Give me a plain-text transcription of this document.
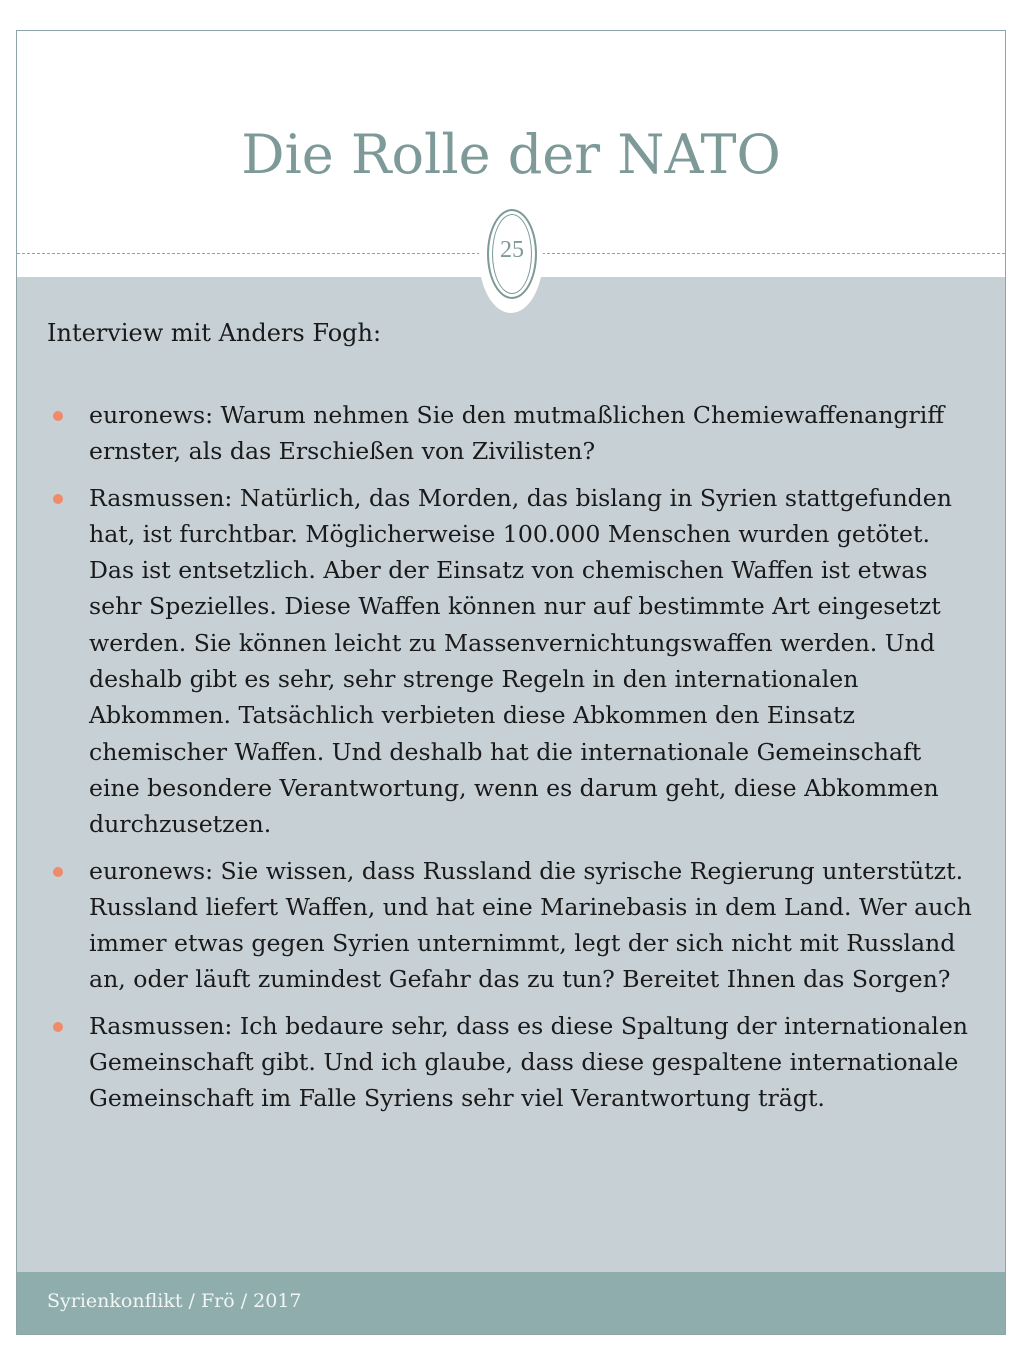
Die Rolle der NATO

Interview mit Anders Fogh:

euronews: Warum nehmen Sie den mutmaßlichen Chemiewaffenangriff ernster, als das Erschießen von Zivilisten?
Rasmussen: Natürlich, das Morden, das bislang in Syrien stattgefunden hat, ist furchtbar. Möglicherweise 100.000 Menschen wurden getötet. Das ist entsetzlich. Aber der Einsatz von chemischen Waffen ist etwas sehr Spezielles. Diese Waffen können nur auf bestimmte Art eingesetzt werden. Sie können leicht zu Massenvernichtungswaffen werden. Und deshalb gibt es sehr, sehr strenge Regeln in den internationalen Abkommen. Tatsächlich verbieten diese Abkommen den Einsatz chemischer Waffen. Und deshalb hat die internationale Gemeinschaft eine besondere Verantwortung, wenn es darum geht, diese Abkommen durchzusetzen.
euronews: Sie wissen, dass Russland die syrische Regierung unterstützt. Russland liefert Waffen, und hat eine Marinebasis in dem Land. Wer auch immer etwas gegen Syrien unternimmt, legt der sich nicht mit Russland an, oder läuft zumindest Gefahr das zu tun? Bereitet Ihnen das Sorgen?
Rasmussen: Ich bedaure sehr, dass es diese Spaltung der internationalen Gemeinschaft gibt. Und ich glaube, dass diese gespaltene internationale Gemeinschaft im Falle Syriens sehr viel Verantwortung trägt.
25
Syrienkonflikt / Frö / 2017
